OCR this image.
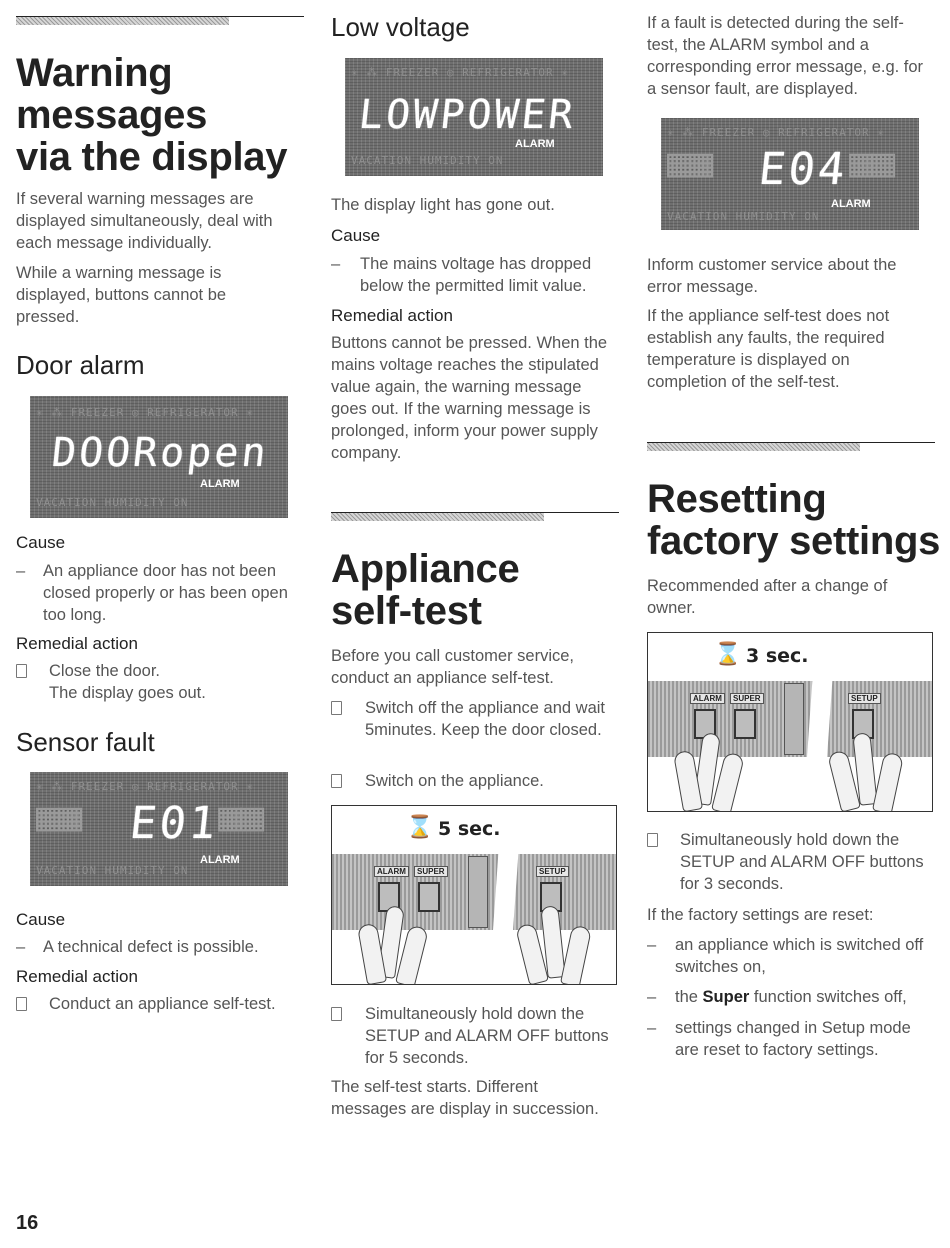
Warning
messages
via the display

If several warning messages are displayed simultaneously, deal with each message individually.

While a warning message is displayed, buttons cannot be pressed.

Door alarm
✳ ⁂ FREEZER ◎ REFRIGERATOR ✳
DOORopen
VACATION HUMIDITY ON
ALARM
Cause
– An appliance door has not been closed properly or has been open too long.
Remedial action
Close the door.
The display goes out.
Sensor fault
✳ ⁂ FREEZER ◎ REFRIGERATOR ✳
▦▦ E01
▦▦
VACATION HUMIDITY ON
ALARM
Cause
– A technical defect is possible.
Remedial action
Conduct an appliance self-test.
16
Low voltage
✳ ⁂ FREEZER ◎ REFRIGERATOR ✳
LOWPOWER
VACATION HUMIDITY ON
ALARM

The display light has gone out.

Cause
– The mains voltage has dropped below the permitted limit value.
Remedial action

Buttons cannot be pressed. When the mains voltage reaches the stipulated value again, the warning message goes out. If the warning message is prolonged, inform your power supply company.

Appliance
self-test

Before you call customer service, conduct an appliance self-test.

Switch off the appliance and wait 5minutes. Keep the door closed.
Switch on the appliance.
⌛ 5 sec.
ALARM	SUPER	SETUP
Simultaneously hold down the SETUP and ALARM OFF buttons for 5 seconds.

The self-test starts. Different messages are display in succession.

If a fault is detected during the self-test, the ALARM symbol and a corresponding error message, e.g. for a sensor fault, are displayed.

✳ ⁂ FREEZER ◎ REFRIGERATOR ✳
▦▦ E04
▦▦
VACATION HUMIDITY ON
ALARM

Inform customer service about the error message.

If the appliance self-test does not establish any faults, the required temperature is displayed on completion of the self-test.

Resetting
factory settings

Recommended after a change of owner.

⌛ 3 sec.
ALARM	SUPER	SETUP
Simultaneously hold down the SETUP and ALARM OFF buttons for 3 seconds.

If the factory settings are reset:

– an appliance which is switched off switches on,
– the Super function switches off,
– settings changed in Setup mode are reset to factory settings.
